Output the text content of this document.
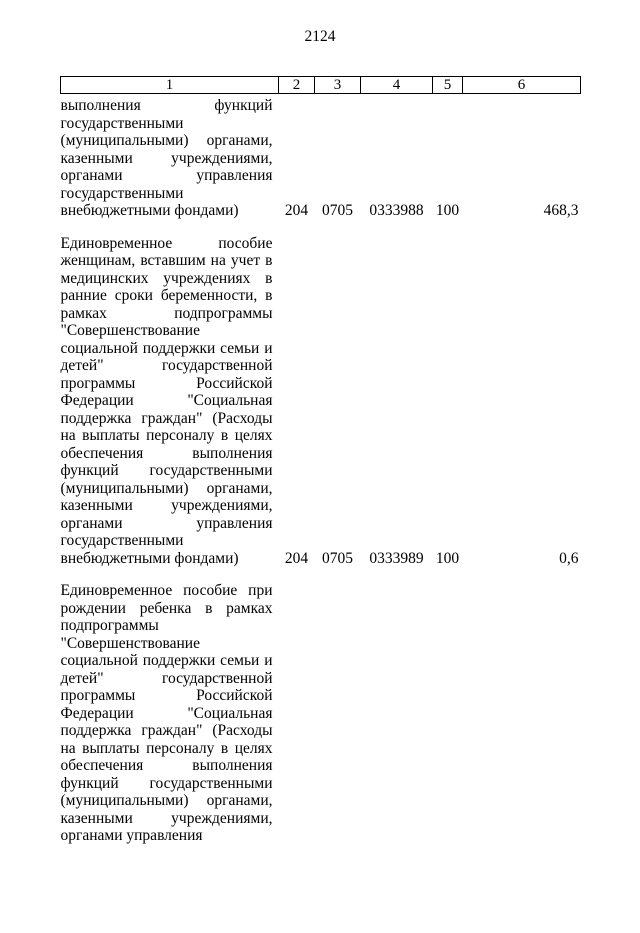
2124
1	2	3	4	5	6
выполнения функций государственными (муниципальными) органами, казенными учреждениями, органами управления государственными внебюджетными фондами)	204	0705	0333988	100	468,3
Единовременное пособие женщинам, вставшим на учет в медицинских учреждениях в ранние сроки беременности, в рамках подпрограммы "Совершенствование социальной поддержки семьи и детей" государственной программы Российской Федерации "Социальная поддержка граждан" (Расходы на выплаты персоналу в целях обеспечения выполнения функций государственными (муниципальными) органами, казенными учреждениями, органами управления государственными внебюджетными фондами)	204	0705	0333989	100	0,6
Единовременное пособие при рождении ребенка в рамках подпрограммы "Совершенствование социальной поддержки семьи и детей" государственной программы Российской Федерации "Социальная поддержка граждан" (Расходы на выплаты персоналу в целях обеспечения выполнения функций государственными (муниципальными) органами, казенными учреждениями, органами управления					
